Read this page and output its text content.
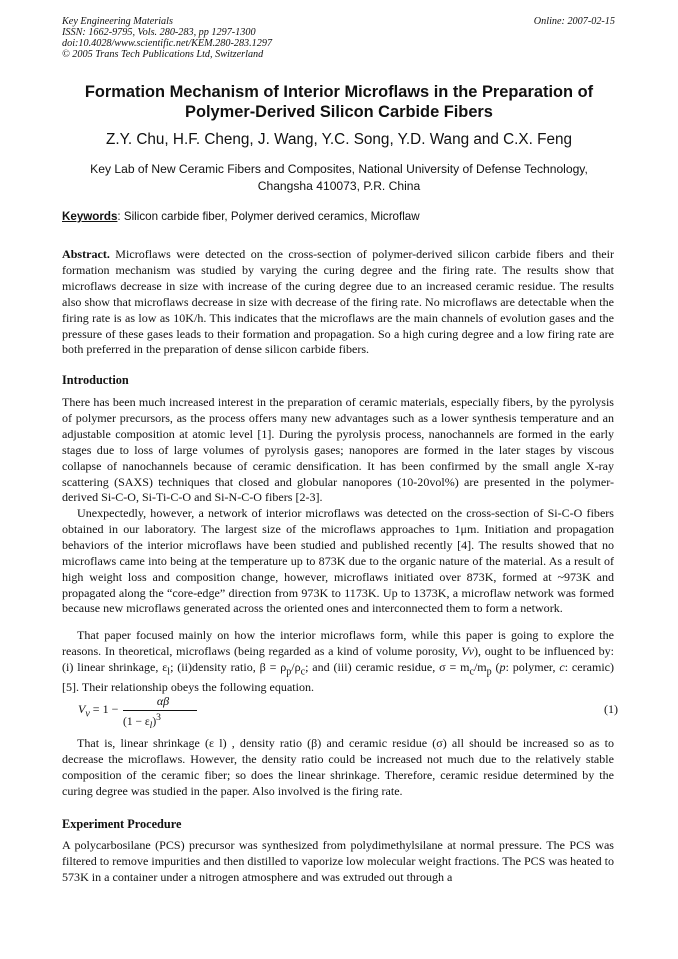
Key Engineering Materials
ISSN: 1662-9795, Vols. 280-283, pp 1297-1300
doi:10.4028/www.scientific.net/KEM.280-283.1297
© 2005 Trans Tech Publications Ltd, Switzerland
Online: 2007-02-15
Formation Mechanism of Interior Microflaws in the Preparation of
Polymer-Derived Silicon Carbide Fibers

Z.Y. Chu, H.F. Cheng, J. Wang, Y.C. Song, Y.D. Wang and C.X. Feng

Key Lab of New Ceramic Fibers and Composites, National University of Defense Technology,
Changsha 410073, P.R. China

Keywords: Silicon carbide fiber, Polymer derived ceramics, Microflaw

Abstract. Microflaws were detected on the cross-section of polymer-derived silicon carbide fibers and their formation mechanism was studied by varying the curing degree and the firing rate. The results show that microflaws decrease in size with increase of the curing degree due to an increased ceramic residue. The results also show that microflaws decrease in size with decrease of the firing rate. No microflaws are detectable when the firing rate is as low as 10K/h. This indicates that the microflaws are the main channels of evolution gases and the pressure of these gases leads to their formation and propagation. So a high curing degree and a low firing rate are both preferred in the preparation of dense silicon carbide fibers.

Introduction

There has been much increased interest in the preparation of ceramic materials, especially fibers, by the pyrolysis of polymer precursors, as the process offers many new advantages such as a lower synthesis temperature and an adjustable composition at atomic level [1]. During the pyrolysis process, nanochannels are formed in the early stages due to loss of large volumes of pyrolysis gases; nanopores are formed in the later stages by viscous collapse of nanochannels because of ceramic densification. It has been confirmed by the small angle X-ray scattering (SAXS) techniques that closed and globular nanopores (10-20vol%) are presented in the polymer-derived Si-C-O, Si-Ti-C-O and Si-N-C-O fibers [2-3].

Unexpectedly, however, a network of interior microflaws was detected on the cross-section of Si-C-O fibers obtained in our laboratory. The largest size of the microflaws approaches to 1μm. Initiation and propagation behaviors of the interior microflaws have been studied and published recently [4]. The results showed that no microflaws came into being at the temperature up to 873K due to the organic nature of the material. As a result of high weight loss and composition change, however, microflaws initiated over 873K, formed at ~973K and propagated along the “core-edge” direction from 973K to 1173K. Up to 1373K, a microflaw network was formed because new microflaws generated across the oriented ones and interconnected them to form a network.

That paper focused mainly on how the interior microflaws form, while this paper is going to explore the reasons. In theoretical, microflaws (being regarded as a kind of volume porosity, Vv), ought to be influenced by: (i) linear shrinkage, $\varepsilon_l$; (ii)density ratio, $\beta = \rho_p/\rho_c$; and (iii) ceramic residue, $\sigma = m_c/m_p$ (p: polymer, c: ceramic) [5]. Their relationship obeys the following equation.

$V_v = 1$ −
αβ
$(1 - \varepsilon_l)^3$
(1)

That is, linear shrinkage (ε l) , density ratio (β) and ceramic residue (σ) all should be increased so as to decrease the microflaws. However, the density ratio could be increased not much due to the relatively stable composition of the ceramic fiber; so does the linear shrinkage. Therefore, ceramic residue determined by the curing degree was studied in the paper. Also involved is the firing rate.

Experiment Procedure

A polycarbosilane (PCS) precursor was synthesized from polydimethylsilane at normal pressure. The PCS was filtered to remove impurities and then distilled to vaporize low molecular weight fractions. The PCS was heated to 573K in a container under a nitrogen atmosphere and was extruded out through a
